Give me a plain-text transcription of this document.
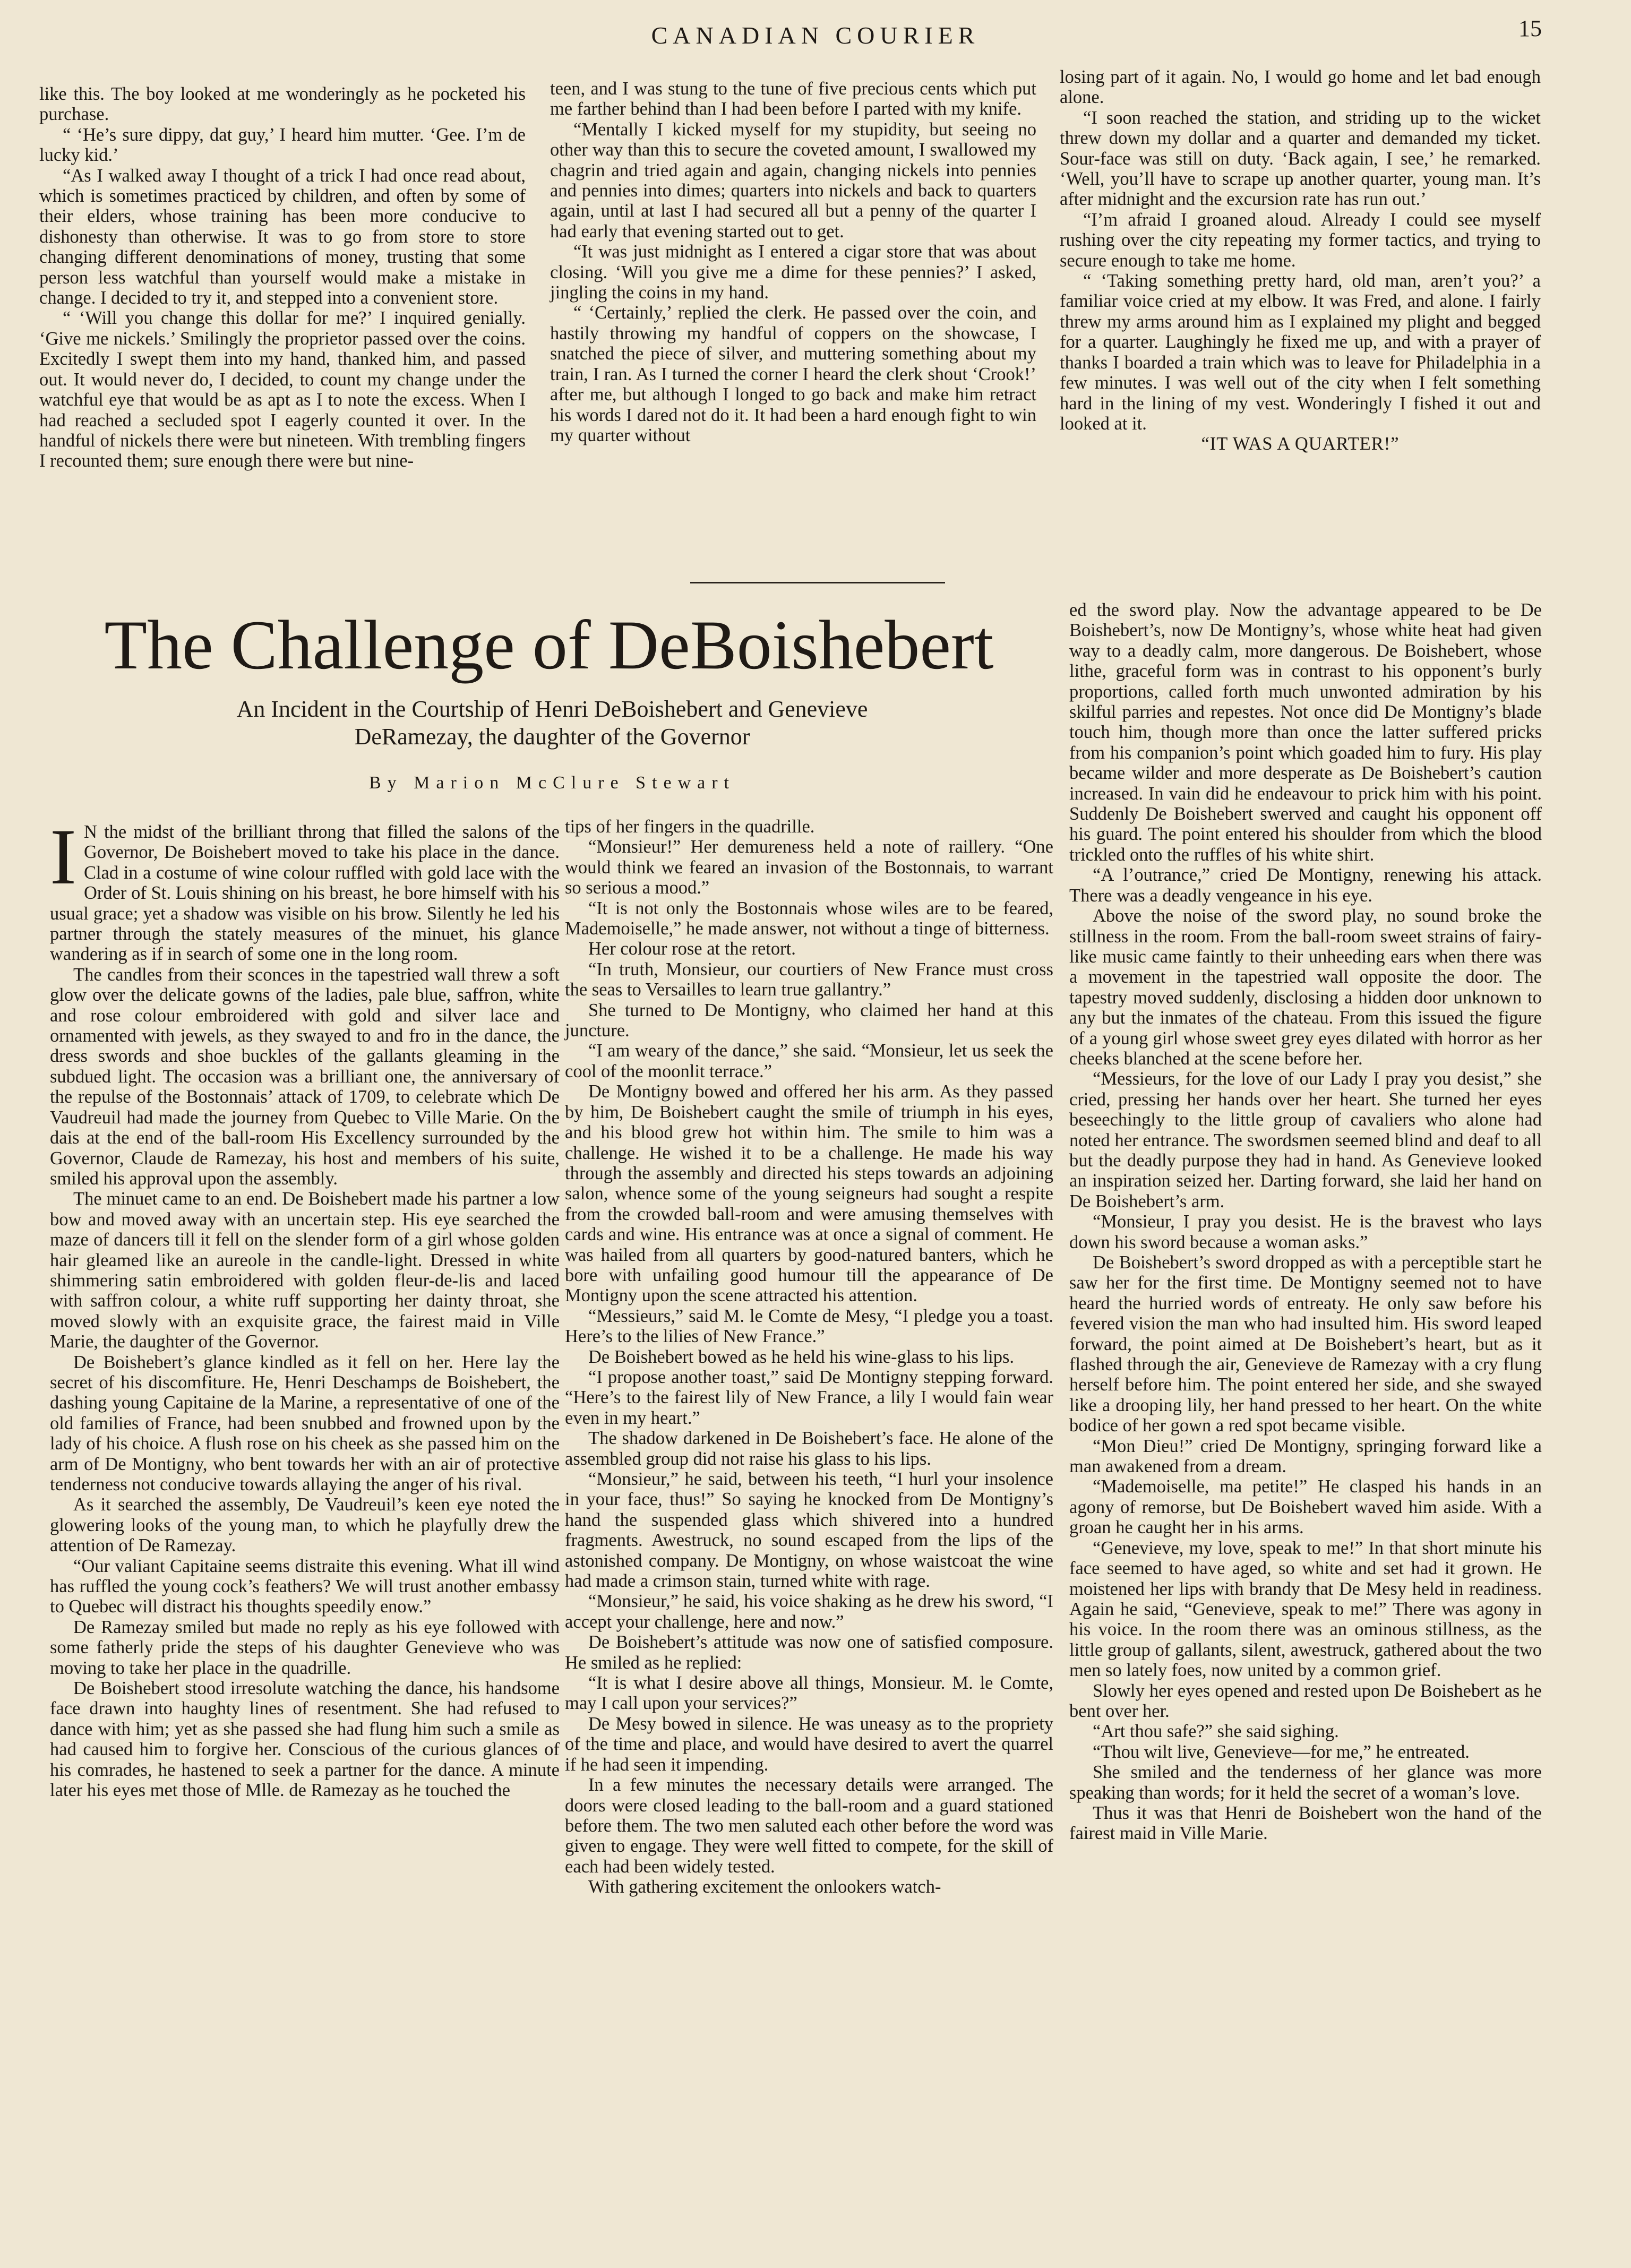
CANADIAN COURIER	15

like this. The boy looked at me wonderingly as he pocketed his purchase.

“ ‘He’s sure dippy, dat guy,’ I heard him mutter. ‘Gee. I’m de lucky kid.’

“As I walked away I thought of a trick I had once read about, which is sometimes practiced by children, and often by some of their elders, whose training has been more conducive to dishonesty than otherwise. It was to go from store to store changing different denominations of money, trusting that some person less watchful than yourself would make a mistake in change. I decided to try it, and stepped into a convenient store.

“ ‘Will you change this dollar for me?’ I inquired genially. ‘Give me nickels.’ Smilingly the proprietor passed over the coins. Excitedly I swept them into my hand, thanked him, and passed out. It would never do, I decided, to count my change under the watchful eye that would be as apt as I to note the excess. When I had reached a secluded spot I eagerly counted it over. In the handful of nickels there were but nineteen. With trembling fingers I recounted them; sure enough there were but nine-

teen, and I was stung to the tune of five precious cents which put me farther behind than I had been before I parted with my knife.

“Mentally I kicked myself for my stupidity, but seeing no other way than this to secure the coveted amount, I swallowed my chagrin and tried again and again, changing nickels into pennies and pennies into dimes; quarters into nickels and back to quarters again, until at last I had secured all but a penny of the quarter I had early that evening started out to get.

“It was just midnight as I entered a cigar store that was about closing. ‘Will you give me a dime for these pennies?’ I asked, jingling the coins in my hand.

“ ‘Certainly,’ replied the clerk. He passed over the coin, and hastily throwing my handful of coppers on the showcase, I snatched the piece of silver, and muttering something about my train, I ran. As I turned the corner I heard the clerk shout ‘Crook!’ after me, but although I longed to go back and make him retract his words I dared not do it. It had been a hard enough fight to win my quarter without

losing part of it again. No, I would go home and let bad enough alone.

“I soon reached the station, and striding up to the wicket threw down my dollar and a quarter and demanded my ticket. Sour-face was still on duty. ‘Back again, I see,’ he remarked. ‘Well, you’ll have to scrape up another quarter, young man. It’s after midnight and the excursion rate has run out.’

“I’m afraid I groaned aloud. Already I could see myself rushing over the city repeating my former tactics, and trying to secure enough to take me home.

“ ‘Taking something pretty hard, old man, aren’t you?’ a familiar voice cried at my elbow. It was Fred, and alone. I fairly threw my arms around him as I explained my plight and begged for a quarter. Laughingly he fixed me up, and with a prayer of thanks I boarded a train which was to leave for Philadelphia in a few minutes. I was well out of the city when I felt something hard in the lining of my vest. Wonderingly I fished it out and looked at it.

“IT WAS A QUARTER!”

The Challenge of DeBoishebert
An Incident in the Courtship of Henri DeBoishebert and Genevieve
DeRamezay, the daughter of the Governor
By Marion McClure Stewart

I N the midst of the brilliant throng that filled the salons of the Governor, De Boishebert moved to take his place in the dance. Clad in a costume of wine colour ruffled with gold lace with the Order of St. Louis shining on his breast, he bore himself with his usual grace; yet a shadow was visible on his brow. Silently he led his partner through the stately measures of the minuet, his glance wandering as if in search of some one in the long room.

The candles from their sconces in the tapestried wall threw a soft glow over the delicate gowns of the ladies, pale blue, saffron, white and rose colour embroidered with gold and silver lace and ornamented with jewels, as they swayed to and fro in the dance, the dress swords and shoe buckles of the gallants gleaming in the subdued light. The occasion was a brilliant one, the anniversary of the repulse of the Bostonnais’ attack of 1709, to celebrate which De Vaudreuil had made the journey from Quebec to Ville Marie. On the dais at the end of the ball-room His Excellency surrounded by the Governor, Claude de Ramezay, his host and members of his suite, smiled his approval upon the assembly.

The minuet came to an end. De Boishebert made his partner a low bow and moved away with an uncertain step. His eye searched the maze of dancers till it fell on the slender form of a girl whose golden hair gleamed like an aureole in the candle-light. Dressed in white shimmering satin embroidered with golden fleur-de-lis and laced with saffron colour, a white ruff supporting her dainty throat, she moved slowly with an exquisite grace, the fairest maid in Ville Marie, the daughter of the Governor.

De Boishebert’s glance kindled as it fell on her. Here lay the secret of his discomfiture. He, Henri Deschamps de Boishebert, the dashing young Capitaine de la Marine, a representative of one of the old families of France, had been snubbed and frowned upon by the lady of his choice. A flush rose on his cheek as she passed him on the arm of De Montigny, who bent towards her with an air of protective tenderness not conducive towards allaying the anger of his rival.

As it searched the assembly, De Vaudreuil’s keen eye noted the glowering looks of the young man, to which he playfully drew the attention of De Ramezay.

“Our valiant Capitaine seems distraite this evening. What ill wind has ruffled the young cock’s feathers? We will trust another embassy to Quebec will distract his thoughts speedily enow.”

De Ramezay smiled but made no reply as his eye followed with some fatherly pride the steps of his daughter Genevieve who was moving to take her place in the quadrille.

De Boishebert stood irresolute watching the dance, his handsome face drawn into haughty lines of resentment. She had refused to dance with him; yet as she passed she had flung him such a smile as had caused him to forgive her. Conscious of the curious glances of his comrades, he hastened to seek a partner for the dance. A minute later his eyes met those of Mlle. de Ramezay as he touched the

tips of her fingers in the quadrille.

“Monsieur!” Her demureness held a note of raillery. “One would think we feared an invasion of the Bostonnais, to warrant so serious a mood.”

“It is not only the Bostonnais whose wiles are to be feared, Mademoiselle,” he made answer, not without a tinge of bitterness.

Her colour rose at the retort.

“In truth, Monsieur, our courtiers of New France must cross the seas to Versailles to learn true gallantry.”

She turned to De Montigny, who claimed her hand at this juncture.

“I am weary of the dance,” she said. “Monsieur, let us seek the cool of the moonlit terrace.”

De Montigny bowed and offered her his arm. As they passed by him, De Boishebert caught the smile of triumph in his eyes, and his blood grew hot within him. The smile to him was a challenge. He wished it to be a challenge. He made his way through the assembly and directed his steps towards an adjoining salon, whence some of the young seigneurs had sought a respite from the crowded ball-room and were amusing themselves with cards and wine. His entrance was at once a signal of comment. He was hailed from all quarters by good-natured banters, which he bore with unfailing good humour till the appearance of De Montigny upon the scene attracted his attention.

“Messieurs,” said M. le Comte de Mesy, “I pledge you a toast. Here’s to the lilies of New France.”

De Boishebert bowed as he held his wine-glass to his lips.

“I propose another toast,” said De Montigny stepping forward. “Here’s to the fairest lily of New France, a lily I would fain wear even in my heart.”

The shadow darkened in De Boishebert’s face. He alone of the assembled group did not raise his glass to his lips.

“Monsieur,” he said, between his teeth, “I hurl your insolence in your face, thus!” So saying he knocked from De Montigny’s hand the suspended glass which shivered into a hundred fragments. Awestruck, no sound escaped from the lips of the astonished company. De Montigny, on whose waistcoat the wine had made a crimson stain, turned white with rage.

“Monsieur,” he said, his voice shaking as he drew his sword, “I accept your challenge, here and now.”

De Boishebert’s attitude was now one of satisfied composure. He smiled as he replied:

“It is what I desire above all things, Monsieur. M. le Comte, may I call upon your services?”

De Mesy bowed in silence. He was uneasy as to the propriety of the time and place, and would have desired to avert the quarrel if he had seen it impending.

In a few minutes the necessary details were arranged. The doors were closed leading to the ball-room and a guard stationed before them. The two men saluted each other before the word was given to engage. They were well fitted to compete, for the skill of each had been widely tested.

With gathering excitement the onlookers watch-

ed the sword play. Now the advantage appeared to be De Boishebert’s, now De Montigny’s, whose white heat had given way to a deadly calm, more dangerous. De Boishebert, whose lithe, graceful form was in contrast to his opponent’s burly proportions, called forth much unwonted admiration by his skilful parries and repestes. Not once did De Montigny’s blade touch him, though more than once the latter suffered pricks from his companion’s point which goaded him to fury. His play became wilder and more desperate as De Boishebert’s caution increased. In vain did he endeavour to prick him with his point. Suddenly De Boishebert swerved and caught his opponent off his guard. The point entered his shoulder from which the blood trickled onto the ruffles of his white shirt.

“A l’outrance,” cried De Montigny, renewing his attack. There was a deadly vengeance in his eye.

Above the noise of the sword play, no sound broke the stillness in the room. From the ball-room sweet strains of fairy-like music came faintly to their unheeding ears when there was a movement in the tapestried wall opposite the door. The tapestry moved suddenly, disclosing a hidden door unknown to any but the inmates of the chateau. From this issued the figure of a young girl whose sweet grey eyes dilated with horror as her cheeks blanched at the scene before her.

“Messieurs, for the love of our Lady I pray you desist,” she cried, pressing her hands over her heart. She turned her eyes beseechingly to the little group of cavaliers who alone had noted her entrance. The swordsmen seemed blind and deaf to all but the deadly purpose they had in hand. As Genevieve looked an inspiration seized her. Darting forward, she laid her hand on De Boishebert’s arm.

“Monsieur, I pray you desist. He is the bravest who lays down his sword because a woman asks.”

De Boishebert’s sword dropped as with a perceptible start he saw her for the first time. De Montigny seemed not to have heard the hurried words of entreaty. He only saw before his fevered vision the man who had insulted him. His sword leaped forward, the point aimed at De Boishebert’s heart, but as it flashed through the air, Genevieve de Ramezay with a cry flung herself before him. The point entered her side, and she swayed like a drooping lily, her hand pressed to her heart. On the white bodice of her gown a red spot became visible.

“Mon Dieu!” cried De Montigny, springing forward like a man awakened from a dream.

“Mademoiselle, ma petite!” He clasped his hands in an agony of remorse, but De Boishebert waved him aside. With a groan he caught her in his arms.

“Genevieve, my love, speak to me!” In that short minute his face seemed to have aged, so white and set had it grown. He moistened her lips with brandy that De Mesy held in readiness. Again he said, “Genevieve, speak to me!” There was agony in his voice. In the room there was an ominous stillness, as the little group of gallants, silent, awestruck, gathered about the two men so lately foes, now united by a common grief.

Slowly her eyes opened and rested upon De Boishebert as he bent over her.

“Art thou safe?” she said sighing.

“Thou wilt live, Genevieve—for me,” he entreated.

She smiled and the tenderness of her glance was more speaking than words; for it held the secret of a woman’s love.

Thus it was that Henri de Boishebert won the hand of the fairest maid in Ville Marie.
